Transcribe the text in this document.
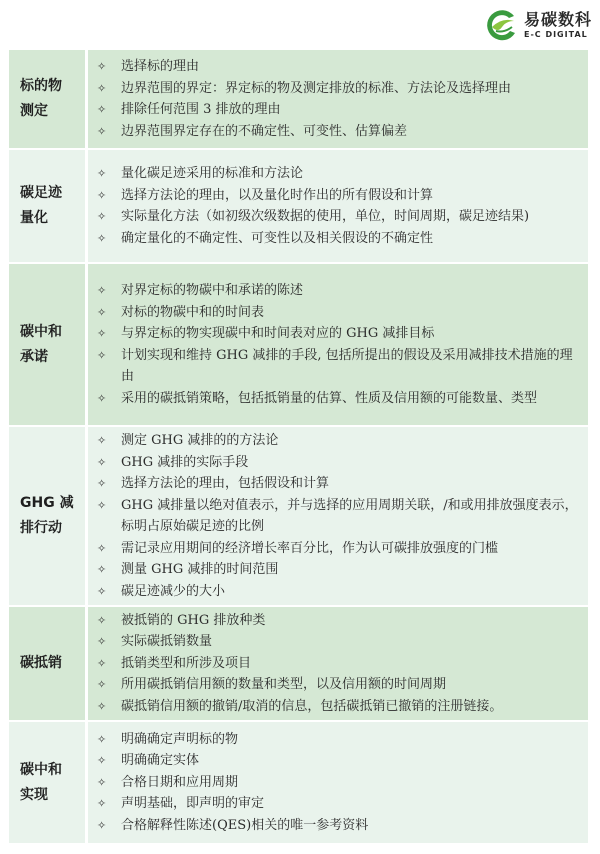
易碳数科
E-C DIGITAL
标的物
测定
✧	选择标的理由
✧	边界范围的界定：界定标的物及测定排放的标准、方法论及选择理由
✧	排除任何范围 3 排放的理由
✧	边界范围界定存在的不确定性、可变性、估算偏差
碳足迹
量化
✧	量化碳足迹采用的标准和方法论
✧	选择方法论的理由，以及量化时作出的所有假设和计算
✧	实际量化方法（如初级次级数据的使用，单位，时间周期，碳足迹结果)
✧	确定量化的不确定性、可变性以及相关假设的不确定性
碳中和
承诺
✧	对界定标的物碳中和承诺的陈述
✧	对标的物碳中和的时间表
✧	与界定标的物实现碳中和时间表对应的 GHG 减排目标
✧	计划实现和维持 GHG 减排的手段, 包括所提出的假设及采用减排技术措施的理由
✧	采用的碳抵销策略，包括抵销量的估算、性质及信用额的可能数量、类型
GHG 减
排行动
✧	测定 GHG 减排的的方法论
✧	GHG 减排的实际手段
✧	选择方法论的理由，包括假设和计算
✧	GHG 减排量以绝对值表示，并与选择的应用周期关联，/和或用排放强度表示，标明占原始碳足迹的比例
✧	需记录应用期间的经济增长率百分比，作为认可碳排放强度的门槛
✧	测量 GHG 减排的时间范围
✧	碳足迹减少的大小
碳抵销
✧	被抵销的 GHG 排放种类
✧	实际碳抵销数量
✧	抵销类型和所涉及项目
✧	所用碳抵销信用额的数量和类型，以及信用额的时间周期
✧	碳抵销信用额的撤销/取消的信息，包括碳抵销已撤销的注册链接。
碳中和
实现
✧	明确确定声明标的物
✧	明确确定实体
✧	合格日期和应用周期
✧	声明基础，即声明的审定
✧	合格解释性陈述(QES)相关的唯一参考资料
